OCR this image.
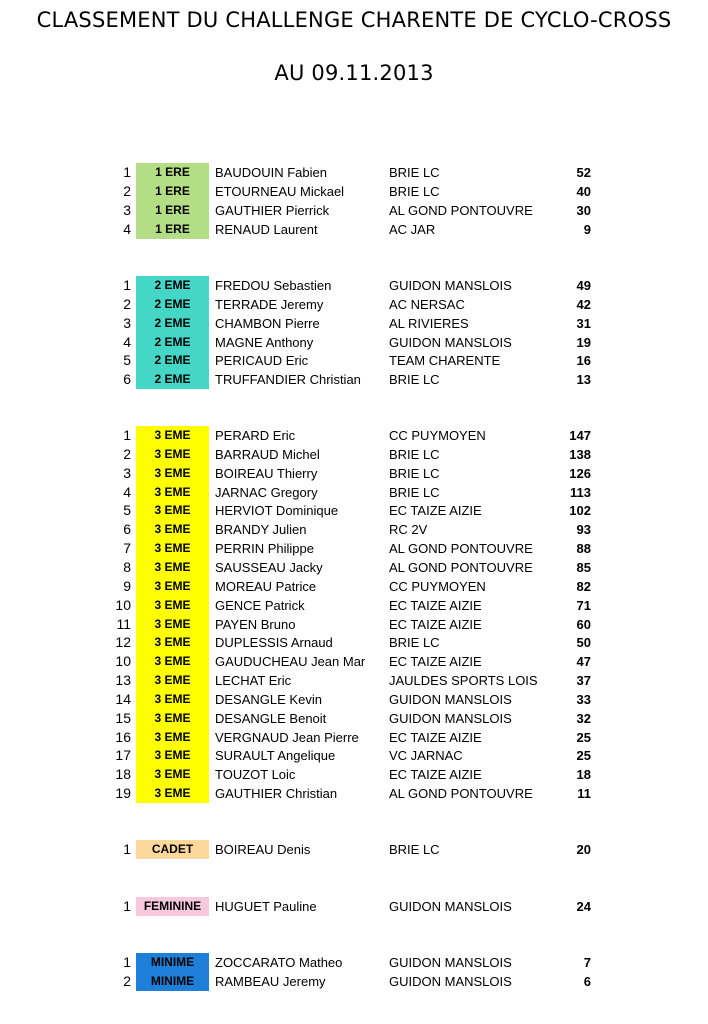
CLASSEMENT DU CHALLENGE CHARENTE DE CYCLO-CROSS
AU 09.11.2013
1	1 ERE	BAUDOUIN Fabien	BRIE LC	52
2	1 ERE	ETOURNEAU Mickael	BRIE LC	40
3	1 ERE	GAUTHIER Pierrick	AL GOND PONTOUVRE	30
4	1 ERE	RENAUD Laurent	AC JAR	9
1	2 EME	FREDOU Sebastien	GUIDON MANSLOIS	49
2	2 EME	TERRADE Jeremy	AC NERSAC	42
3	2 EME	CHAMBON Pierre	AL RIVIERES	31
4	2 EME	MAGNE Anthony	GUIDON MANSLOIS	19
5	2 EME	PERICAUD Eric	TEAM CHARENTE	16
6	2 EME	TRUFFANDIER Christian	BRIE LC	13
1	3 EME	PERARD Eric	CC PUYMOYEN	147
2	3 EME	BARRAUD Michel	BRIE LC	138
3	3 EME	BOIREAU Thierry	BRIE LC	126
4	3 EME	JARNAC Gregory	BRIE LC	113
5	3 EME	HERVIOT Dominique	EC TAIZE AIZIE	102
6	3 EME	BRANDY Julien	RC 2V	93
7	3 EME	PERRIN Philippe	AL GOND PONTOUVRE	88
8	3 EME	SAUSSEAU Jacky	AL GOND PONTOUVRE	85
9	3 EME	MOREAU Patrice	CC PUYMOYEN	82
10	3 EME	GENCE Patrick	EC TAIZE AIZIE	71
11	3 EME	PAYEN Bruno	EC TAIZE AIZIE	60
12	3 EME	DUPLESSIS Arnaud	BRIE LC	50
10	3 EME	GAUDUCHEAU Jean Mar	EC TAIZE AIZIE	47
13	3 EME	LECHAT Eric	JAULDES SPORTS LOIS	37
14	3 EME	DESANGLE Kevin	GUIDON MANSLOIS	33
15	3 EME	DESANGLE Benoit	GUIDON MANSLOIS	32
16	3 EME	VERGNAUD Jean Pierre	EC TAIZE AIZIE	25
17	3 EME	SURAULT Angelique	VC JARNAC	25
18	3 EME	TOUZOT Loic	EC TAIZE AIZIE	18
19	3 EME	GAUTHIER Christian	AL GOND PONTOUVRE	11
1	CADET	BOIREAU Denis	BRIE LC	20
1	FEMININE	HUGUET Pauline	GUIDON MANSLOIS	24
1	MINIME	ZOCCARATO Matheo	GUIDON MANSLOIS	7
2	MINIME	RAMBEAU Jeremy	GUIDON MANSLOIS	6
